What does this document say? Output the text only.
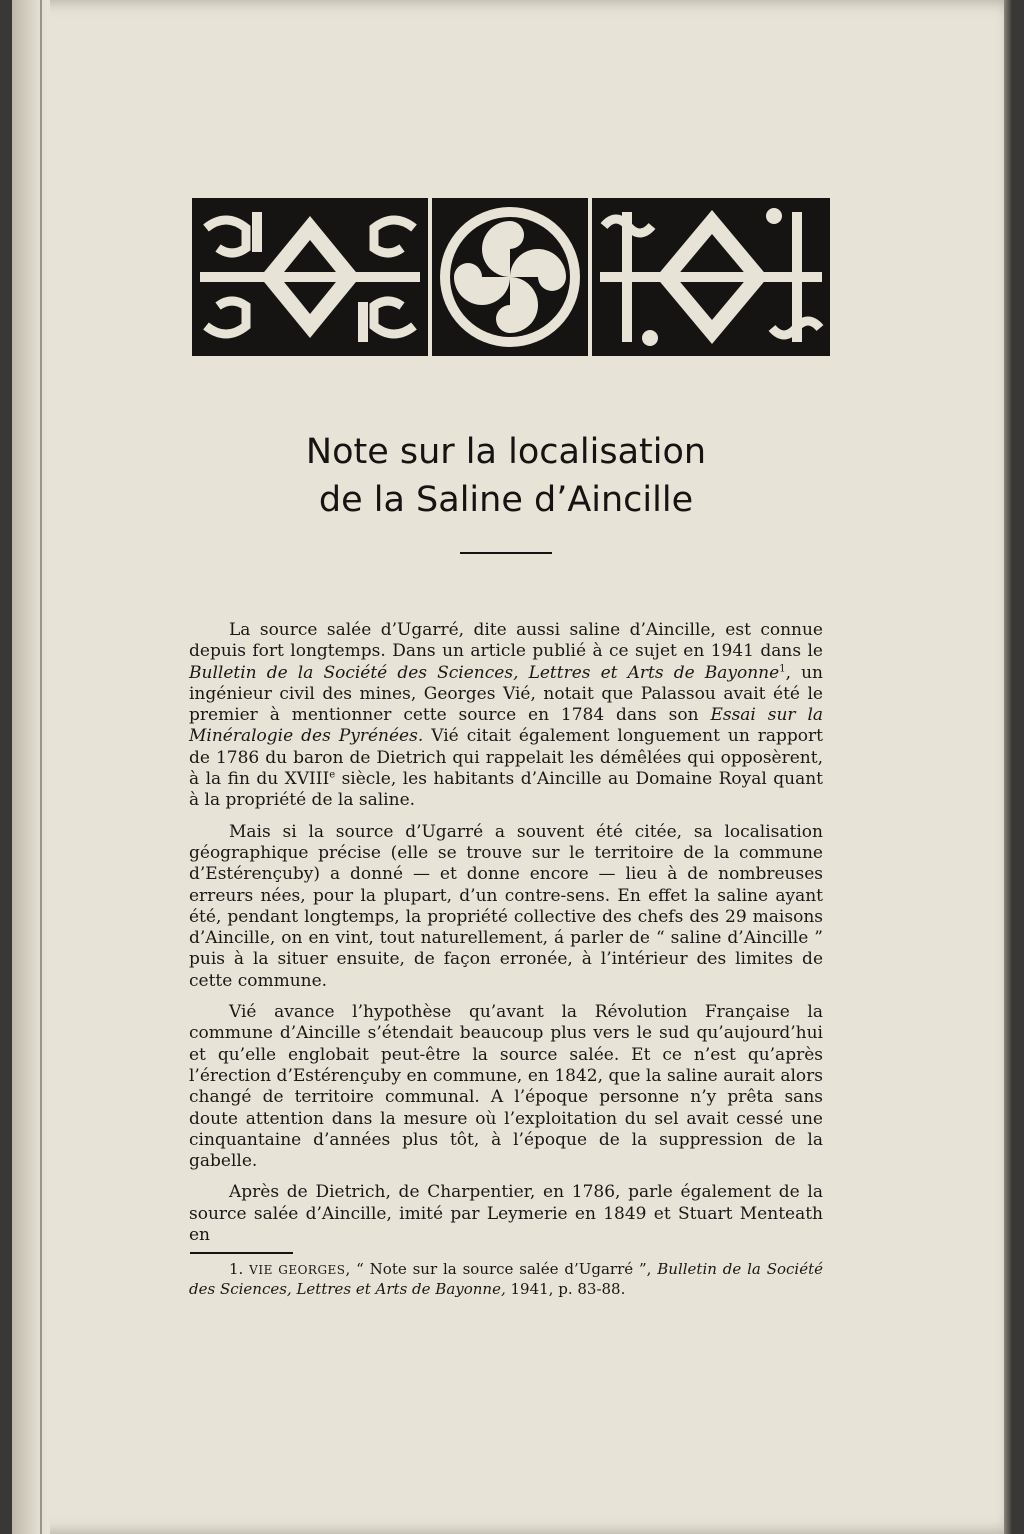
Note sur la localisation
de la Saline d’Aincille

La source salée d’Ugarré, dite aussi saline d’Aincille, est connue depuis fort longtemps. Dans un article publié à ce sujet en 1941 dans le Bulletin de la Société des Sciences, Lettres et Arts de Bayonne$^1$, un ingénieur civil des mines, Georges Vié, notait que Palassou avait été le premier à mentionner cette source en 1784 dans son Essai sur la Minéralogie des Pyrénées. Vié citait également longuement un rapport de 1786 du baron de Dietrich qui rappelait les démêlées qui opposèrent, à la fin du XVIIIe siècle, les habitants d’Aincille au Domaine Royal quant à la propriété de la saline.

Mais si la source d’Ugarré a souvent été citée, sa localisation géographique précise (elle se trouve sur le territoire de la commune d’Estérençuby) a donné — et donne encore — lieu à de nombreuses erreurs nées, pour la plupart, d’un contre-sens. En effet la saline ayant été, pendant longtemps, la propriété collective des chefs des 29 maisons d’Aincille, on en vint, tout naturellement, á parler de “ saline d’Aincille ” puis à la situer ensuite, de façon erronée, à l’intérieur des limites de cette commune.

Vié avance l’hypothèse qu’avant la Révolution Française la commune d’Aincille s’étendait beaucoup plus vers le sud qu’aujourd’hui et qu’elle englobait peut-être la source salée. Et ce n’est qu’après l’érection d’Estérençuby en commune, en 1842, que la saline aurait alors changé de territoire communal. A l’époque personne n’y prêta sans doute attention dans la mesure où l’exploitation du sel avait cessé une cinquantaine d’années plus tôt, à l’époque de la suppression de la gabelle.

Après de Dietrich, de Charpentier, en 1786, parle également de la source salée d’Aincille, imité par Leymerie en 1849 et Stuart Menteath en

1. VIE GEORGES, “ Note sur la source salée d’Ugarré ”, Bulletin de la Société des Sciences, Lettres et Arts de Bayonne, 1941, p. 83-88.
